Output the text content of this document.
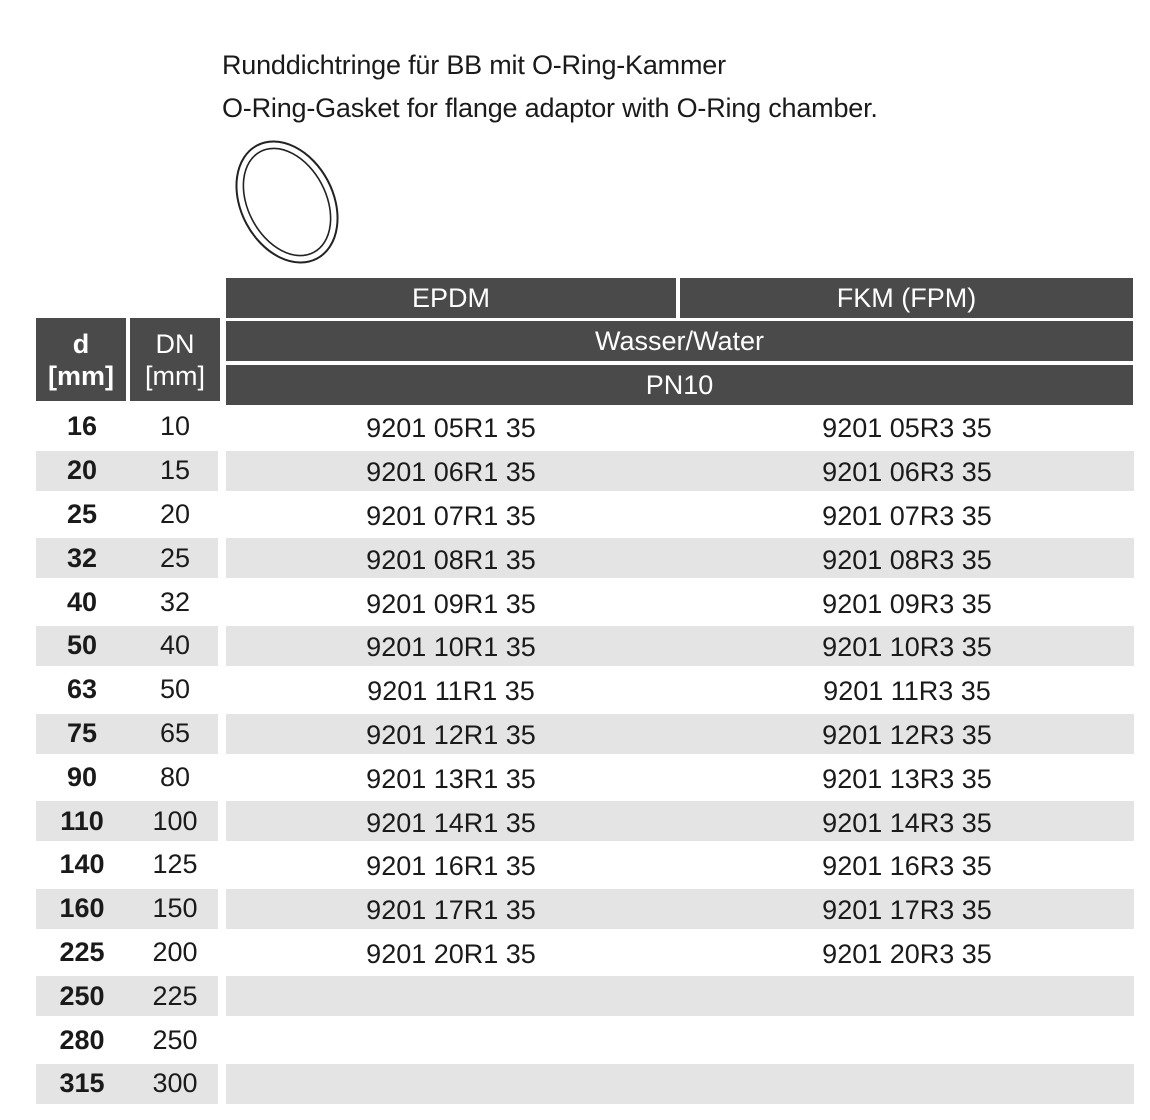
Runddichtringe für BB mit O-Ring-Kammer
O-Ring-Gasket for flange adaptor with O-Ring chamber.
EPDM	FKM (FPM)
Wasser/Water
PN10
d
[mm]
DN
[mm]
16	10	9201 05R1 35	9201 05R3 35
20	15	9201 06R1 35	9201 06R3 35
25	20	9201 07R1 35	9201 07R3 35
32	25	9201 08R1 35	9201 08R3 35
40	32	9201 09R1 35	9201 09R3 35
50	40	9201 10R1 35	9201 10R3 35
63	50	9201 11R1 35	9201 11R3 35
75	65	9201 12R1 35	9201 12R3 35
90	80	9201 13R1 35	9201 13R3 35
110	100	9201 14R1 35	9201 14R3 35
140	125	9201 16R1 35	9201 16R3 35
160	150	9201 17R1 35	9201 17R3 35
225	200	9201 20R1 35	9201 20R3 35
250	225
280	250
315	300
